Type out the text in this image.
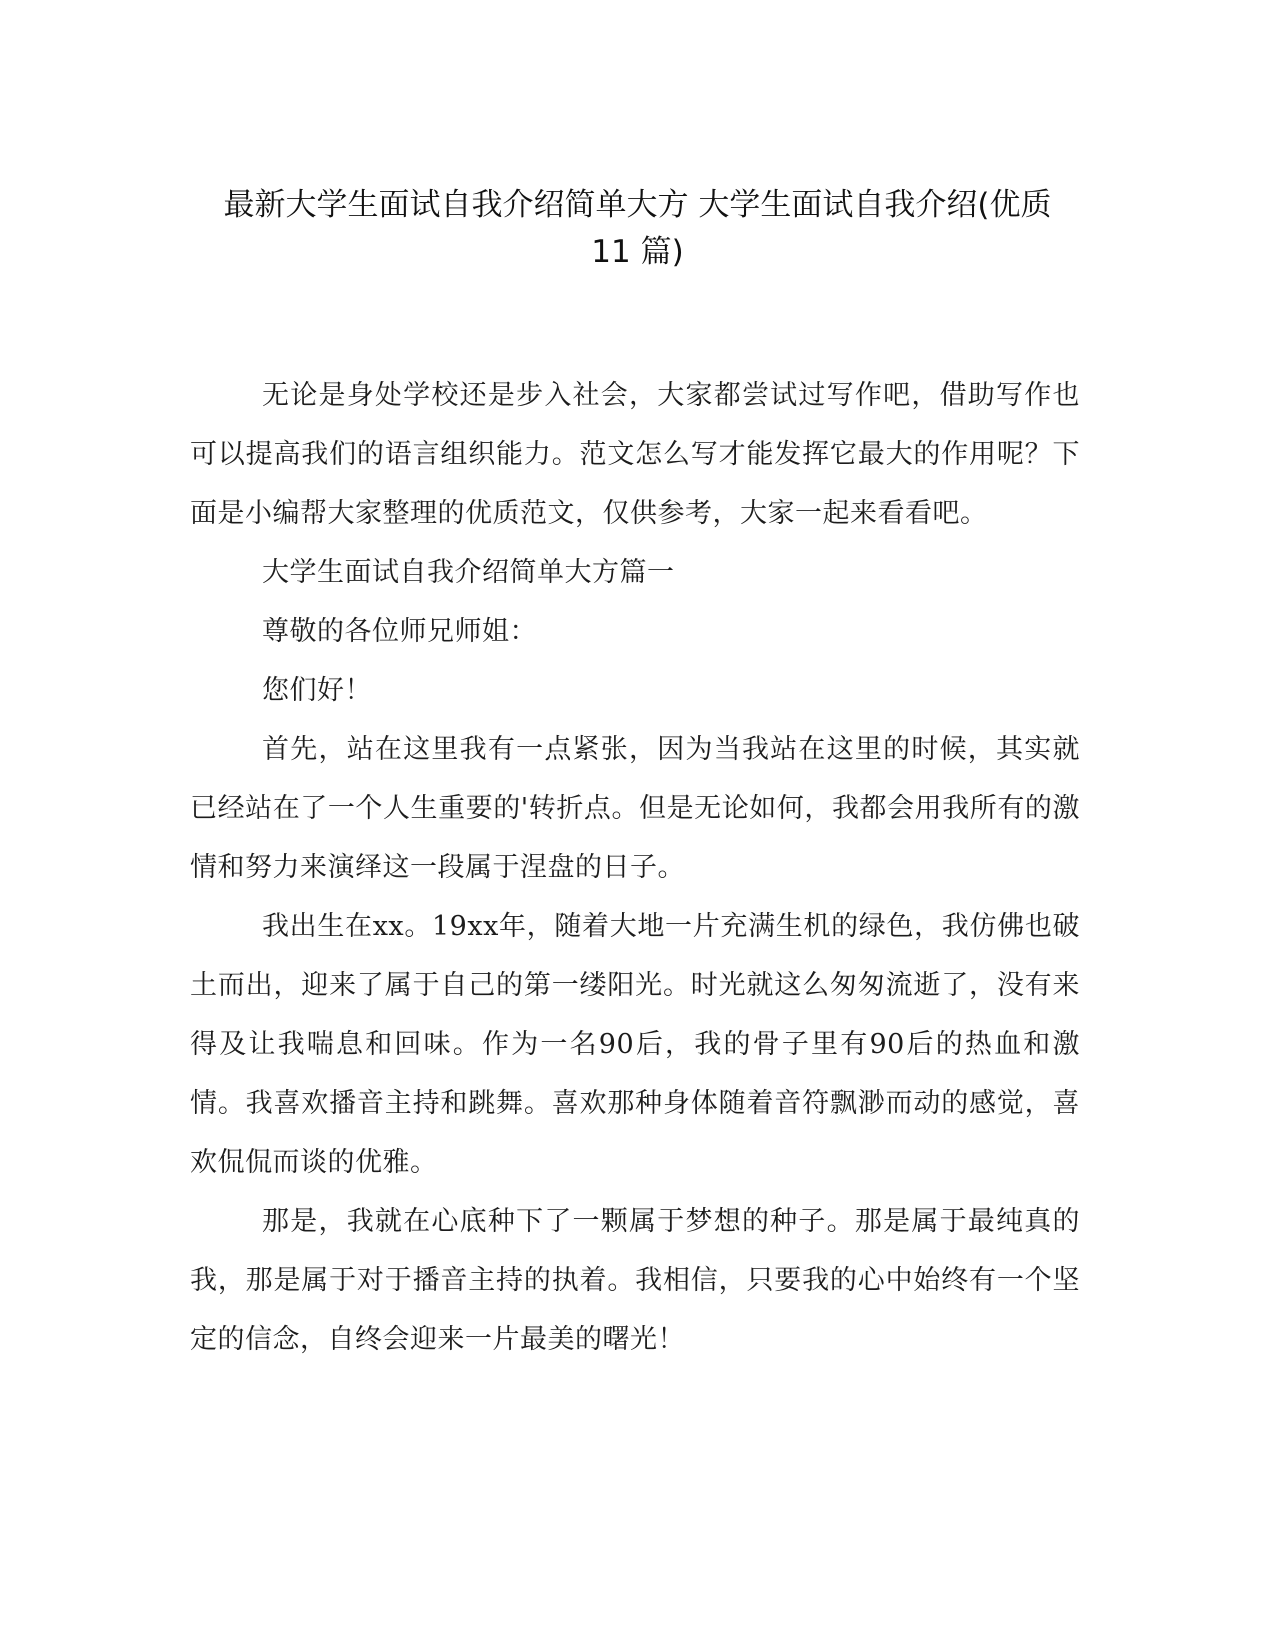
最新大学生面试自我介绍简单大方 大学生面试自我介绍(优质
11 篇)

无论是身处学校还是步入社会，大家都尝试过写作吧，借助写作也可以提高我们的语言组织能力。范文怎么写才能发挥它最大的作用呢？下面是小编帮大家整理的优质范文，仅供参考，大家一起来看看吧。

大学生面试自我介绍简单大方篇一

尊敬的各位师兄师姐：

您们好！

首先，站在这里我有一点紧张，因为当我站在这里的时候，其实就已经站在了一个人生重要的'转折点。但是无论如何，我都会用我所有的激情和努力来演绎这一段属于涅盘的日子。

我出生在xx。19xx年，随着大地一片充满生机的绿色，我仿佛也破土而出，迎来了属于自己的第一缕阳光。时光就这么匆匆流逝了，没有来得及让我喘息和回味。作为一名90后，我的骨子里有90后的热血和激情。我喜欢播音主持和跳舞。喜欢那种身体随着音符飘渺而动的感觉，喜欢侃侃而谈的优雅。

那是，我就在心底种下了一颗属于梦想的种子。那是属于最纯真的我，那是属于对于播音主持的执着。我相信，只要我的心中始终有一个坚定的信念，自终会迎来一片最美的曙光！
